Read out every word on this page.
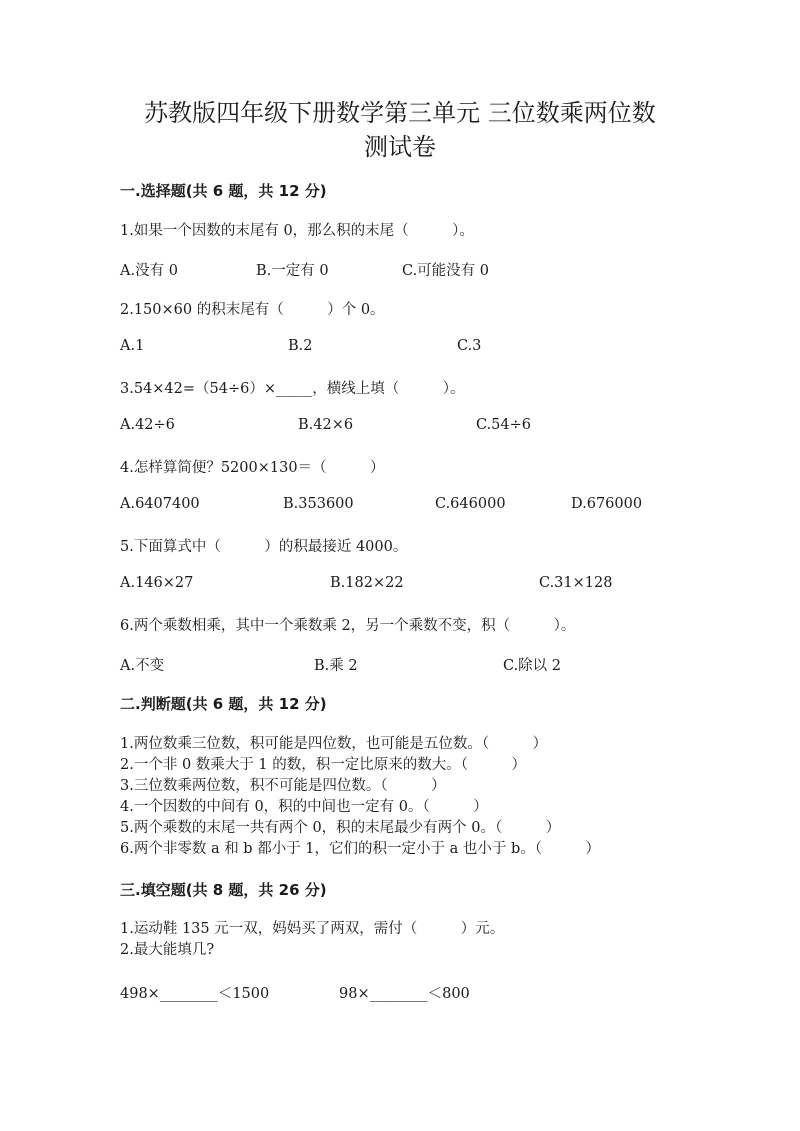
苏教版四年级下册数学第三单元 三位数乘两位数
测试卷
一.选择题(共 6 题，共 12 分)
1.如果一个因数的末尾有 0，那么积的末尾（　　　）。
A.没有 0	B.一定有 0	C.可能没有 0
2.150×60 的积末尾有（　　　）个 0。
A.1	B.2	C.3
3.54×42=（54÷6）×_____，横线上填（　　　）。
A.42÷6	B.42×6	C.54÷6
4.怎样算简便？5200×130＝（　　　）
A.6407400	B.353600	C.646000	D.676000
5.下面算式中（　　　）的积最接近 4000。
A.146×27	B.182×22	C.31×128
6.两个乘数相乘，其中一个乘数乘 2，另一个乘数不变，积（　　　）。
A.不变	B.乘 2	C.除以 2
二.判断题(共 6 题，共 12 分)
1.两位数乘三位数，积可能是四位数，也可能是五位数。（　　　）
2.一个非 0 数乘大于 1 的数，积一定比原来的数大。（　　　）
3.三位数乘两位数，积不可能是四位数。（　　　）
4.一个因数的中间有 0，积的中间也一定有 0。（　　　）
5.两个乘数的末尾一共有两个 0，积的末尾最少有两个 0。（　　　）
6.两个非零数 a 和 b 都小于 1，它们的积一定小于 a 也小于 b。（　　　）
三.填空题(共 8 题，共 26 分)
1.运动鞋 135 元一双，妈妈买了两双，需付（　　　）元。
2.最大能填几?
498×________＜1500	98×________＜800
